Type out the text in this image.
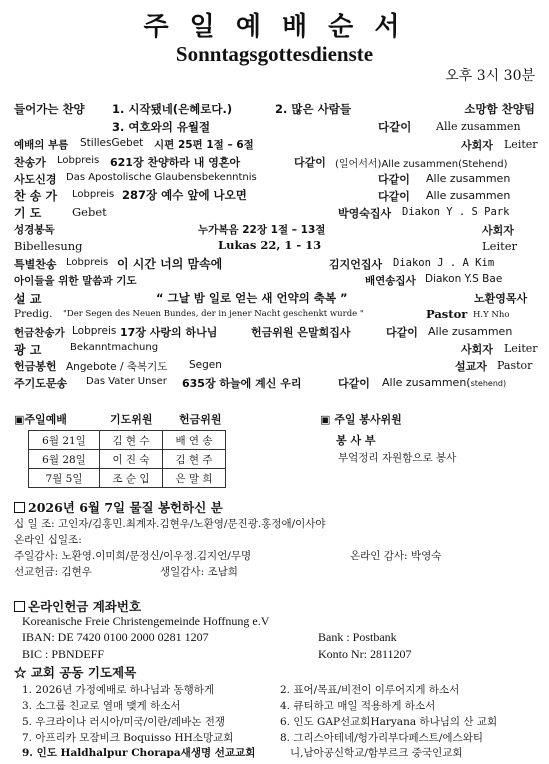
주 일 예 배 순 서
Sonntagsgottesdienste
오후 3시 30분
들어가는 찬양 1. 시작됐네(은혜로다.)	2. 많은 사람들	소망함 찬양팀
3. 여호와의 유월절	다같이 Alle zusammen
예배의 부름 StillesGebet 시편 25편 1절 – 6절	사회자 Leiter
찬송가 Lobpreis 621장 찬양하라 내 영혼아	다같이 (일어서서)Alle zusammen(Stehend)
사도신경 Das Apostolische Glaubensbekenntnis	다같이 Alle zusammen
찬 송 가 Lobpreis 287장 예수 앞에 나오면	다같이 Alle zusammen
기 도	Gebet	박영숙집사 Diakon Y . S Park
성경봉독	누가복음 22장 1절 – 13절	사회자
Bibellesung	Lukas 22, 1 - 13	Leiter
특별찬송 Lobpreis 이 시간 너의 맘속에	김지언집사 Diakon J . A Kim
아이들을 위한 말씀과 기도	배연송집사 Diakon Y.S Bae
설 교	“ 그날 밤 일로 얻는 새 언약의 축복 ”	노환영목사
Predig. "Der Segen des Neuen Bundes, der in jener Nacht geschenkt wurde "	Pastor H.Y Nho
헌금찬송가 Lobpreis 17장 사랑의 하나님	헌금위원 은말희집사	다같이 Alle zusammen
광 고	Bekanntmachung	사회자 Leiter
헌금봉헌 Angebote / 축복기도 Segen	설교자 Pastor
주기도문송 Das Vater Unser 635장 하늘에 계신 우리	다같이 Alle zusammen(stehend)
▣주일예배	기도위원 헌금위원
6월 21일	김 현 수	배 연 송
6월 28일	이 진 숙	김 현 주
7월 5일	조 순 입	은 말 희
▣ 주일 봉사위원
봉 사 부
부엌정리 자원함으로 봉사
2026년 6월 7일 물질 봉헌하신 분
십 일 조: 고인자/김홍민.최계자.김현우/노환영/문진광.홍정애/이사야
온라인 십일조:
주일감사: 노환영.이미희/문정신/이우정.김지언/무명	온라인 감사: 박영숙
선교헌금: 김현우	생일감사: 조남희
온라인헌금 계좌번호
Koreanische Freie Christengemeinde Hoffnung e.V
IBAN: DE 7420 0100 2000 0281 1207	Bank : Postbank
BIC : PBNDEFF	Konto Nr: 2811207
☆ 교회 공동 기도제목
1. 2026년 가정예배로 하나님과 동행하게	2. 표어/목표/비전이 이루어지게 하소서
3. 소그룹 친교로 열매 맺게 하소서	4. 큐티하고 매일 적용하게 하소서
5. 우크라이나 러시아/미국/이란/레바논 전쟁	6. 인도 GAP선교회Haryana 하나님의 산 교회
7. 아프리카 모잠비크 Boquisso HH소망교회	8. 그리스아테네/헝가리부다페스트/에스와티
9. 인도 Haldhalpur Chorapa새생명 선교교회	니,남아공신학교/함부르크 중국인교회
